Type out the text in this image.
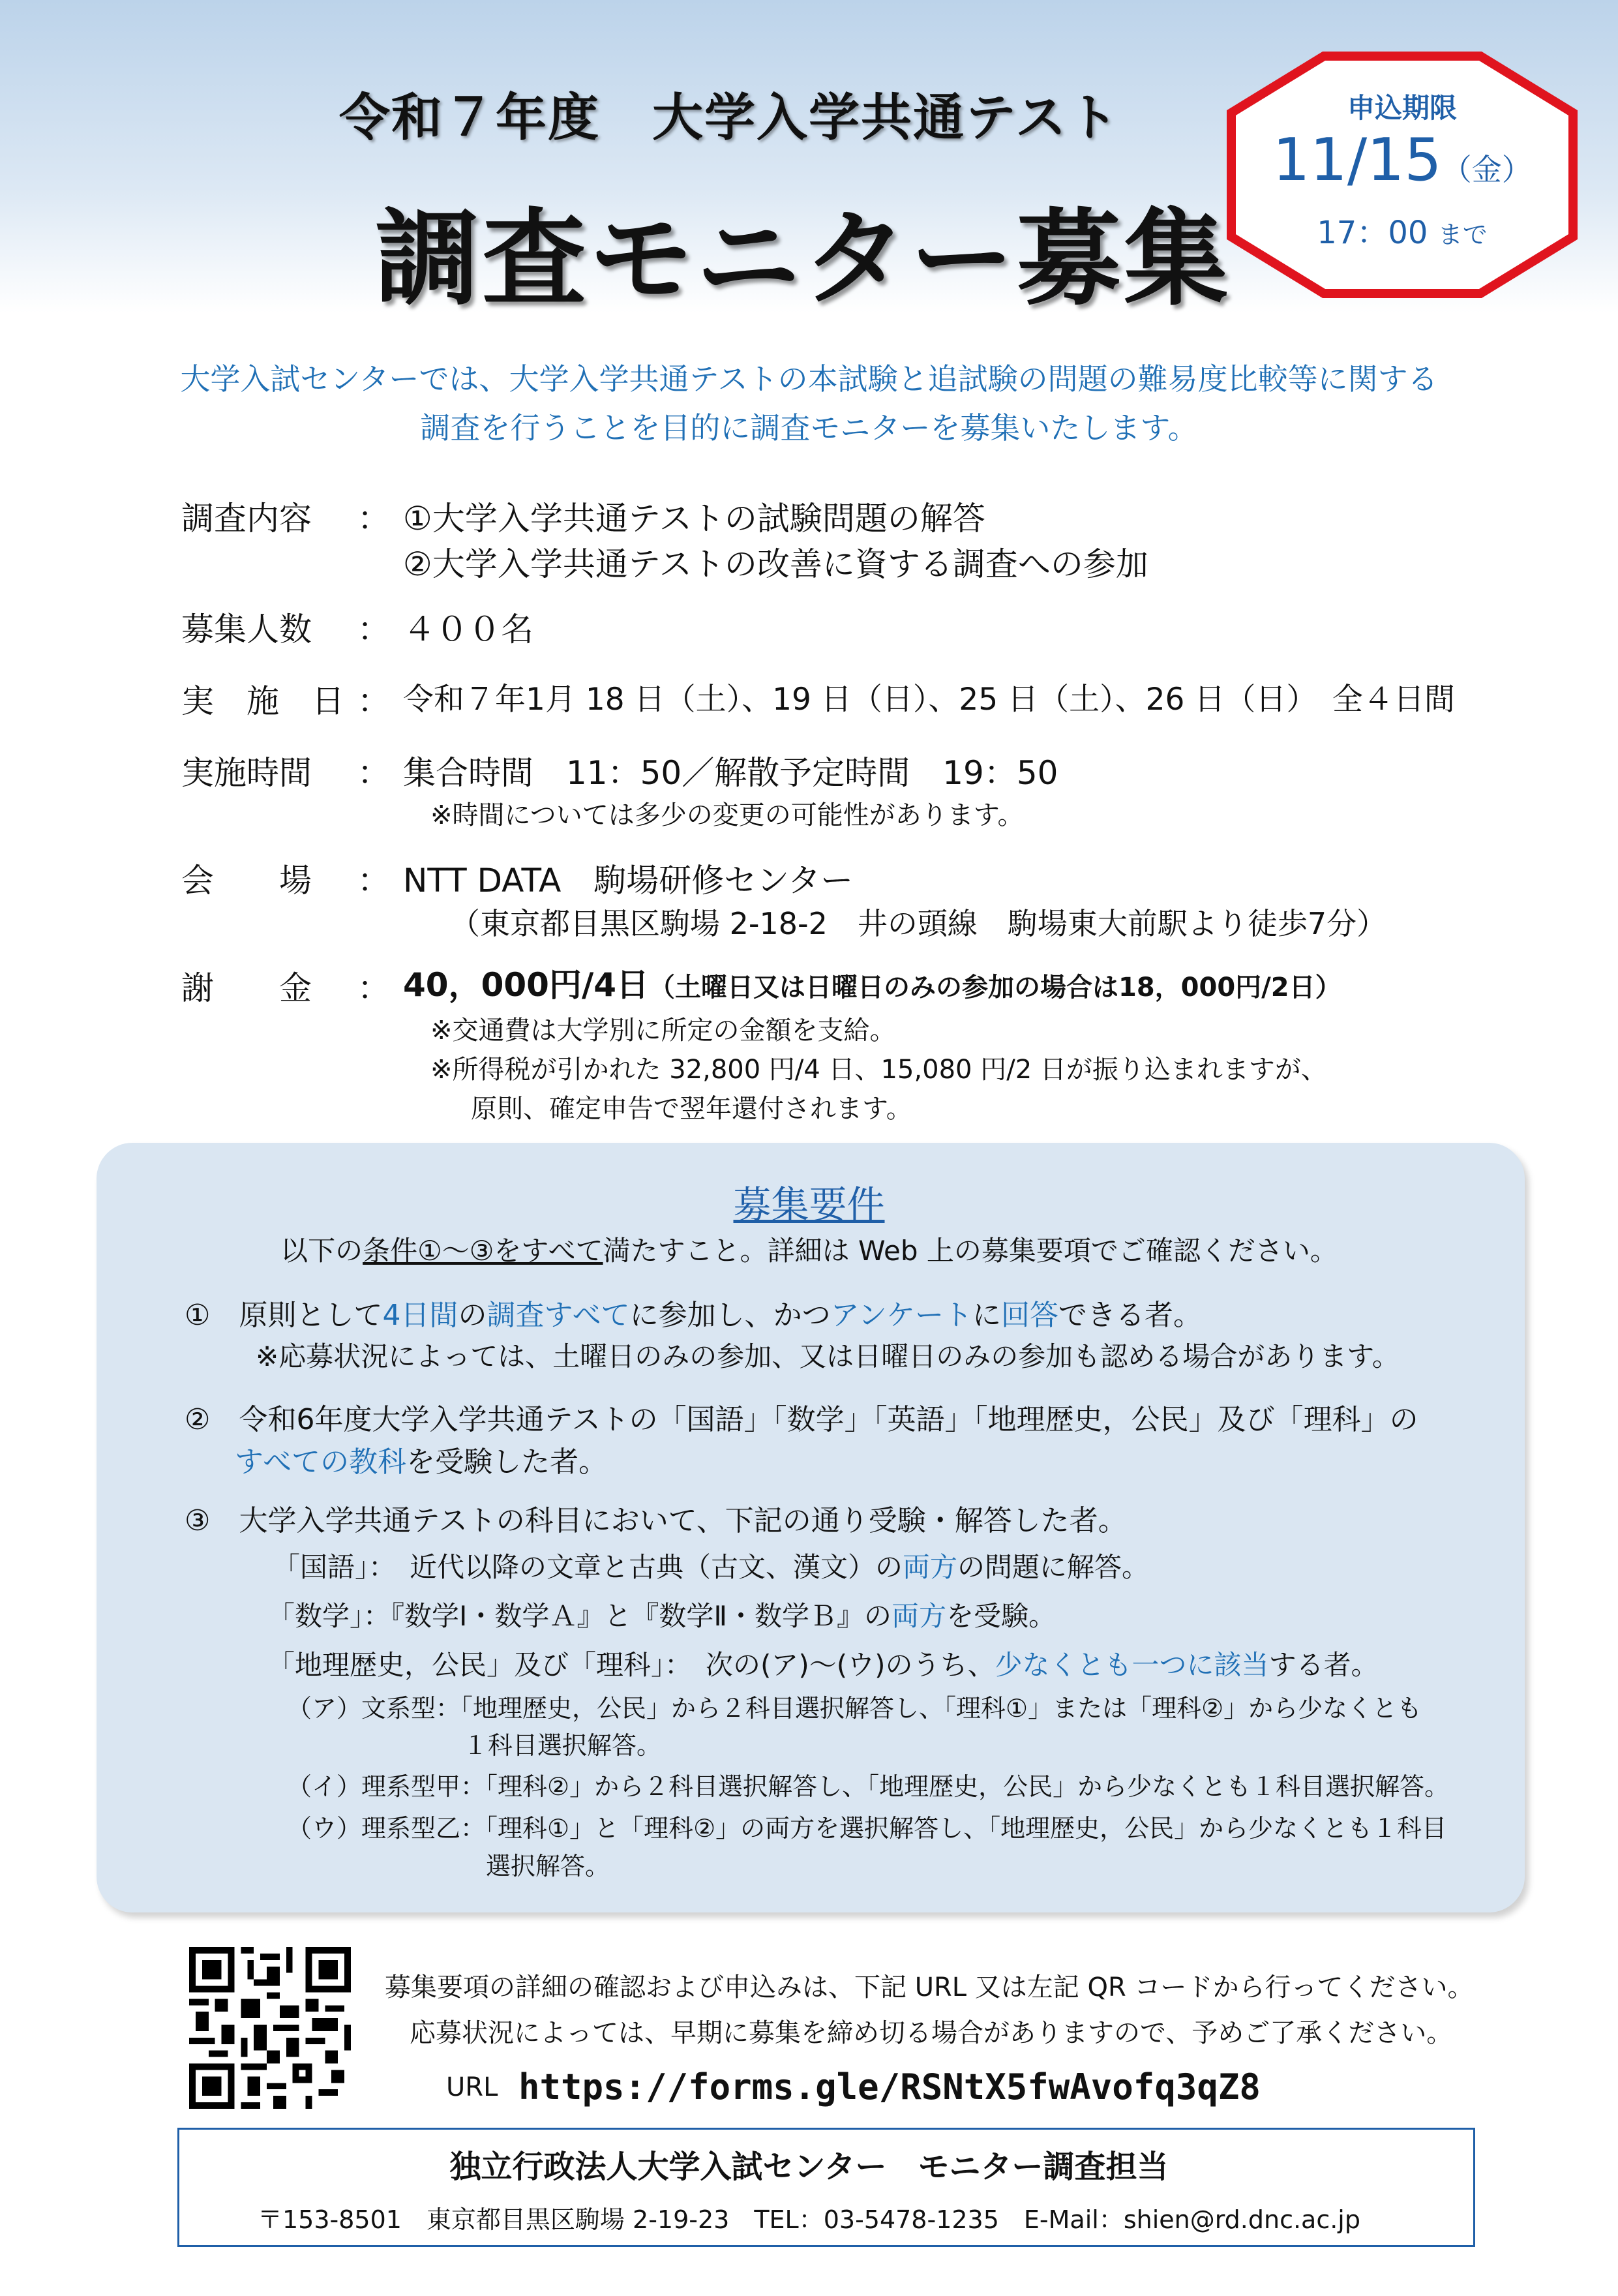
令和７年度　大学入学共通テスト
調査モニター募集
申込期限
11/15（金）
17：00 まで
大学入試センターでは、大学入学共通テストの本試験と追試験の問題の難易度比較等に関する
調査を行うことを目的に調査モニターを募集いたします。
調査内容 ： ①大学入学共通テストの試験問題の解答
②大学入学共通テストの改善に資する調査への参加
募集人数 ： ４００名
実　施　日 ： 令和７年1月 18 日（土）、19 日（日）、25 日（土）、26 日（日）　全４日間
実施時間 ： 集合時間　11：50／解散予定時間　19：50
※時間については多少の変更の可能性があります。
会　　場 ： NTT DATA　駒場研修センター
（東京都目黒区駒場 2-18-2　井の頭線　駒場東大前駅より徒歩7分）
謝　　金 ： 40，000円/4日（土曜日又は日曜日のみの参加の場合は18，000円/2日）
※交通費は大学別に所定の金額を支給。
※所得税が引かれた 32,800 円/4 日、15,080 円/2 日が振り込まれますが、
原則、確定申告で翌年還付されます。
募集要件
以下の条件①～③をすべて満たすこと。詳細は Web 上の募集要項でご確認ください。
①　 原則として4日間の調査すべてに参加し、かつアンケートに回答できる者。
※応募状況によっては、土曜日のみの参加、又は日曜日のみの参加も認める場合があります。
②　 令和6年度大学入学共通テストの「国語」「数学」「英語」「地理歴史，公民」及び「理科」の
すべての教科を受験した者。
③　 大学入学共通テストの科目において、下記の通り受験・解答した者。
「国語」：　近代以降の文章と古典（古文、漢文）の両方の問題に解答。
「数学」：『数学Ⅰ・数学Ａ』と『数学Ⅱ・数学Ｂ』の両方を受験。
「地理歴史，公民」及び「理科」：　次の(ア)～(ウ)のうち、少なくとも一つに該当する者。
（ア）文系型：「地理歴史，公民」から２科目選択解答し、「理科①」または「理科②」から少なくとも
１科目選択解答。
（イ）理系型甲：「理科②」から２科目選択解答し、「地理歴史，公民」から少なくとも１科目選択解答。
（ウ）理系型乙：「理科①」と「理科②」の両方を選択解答し、「地理歴史，公民」から少なくとも１科目
選択解答。
募集要項の詳細の確認および申込みは、下記 URL 又は左記 QR コードから行ってください。
応募状況によっては、早期に募集を締め切る場合がありますので、予めご了承ください。
URL https://forms.gle/RSNtX5fwAvofq3qZ8
独立行政法人大学入試センター　モニター調査担当
〒153-8501　東京都目黒区駒場 2-19-23　TEL：03-5478-1235　E-Mail：shien@rd.dnc.ac.jp
